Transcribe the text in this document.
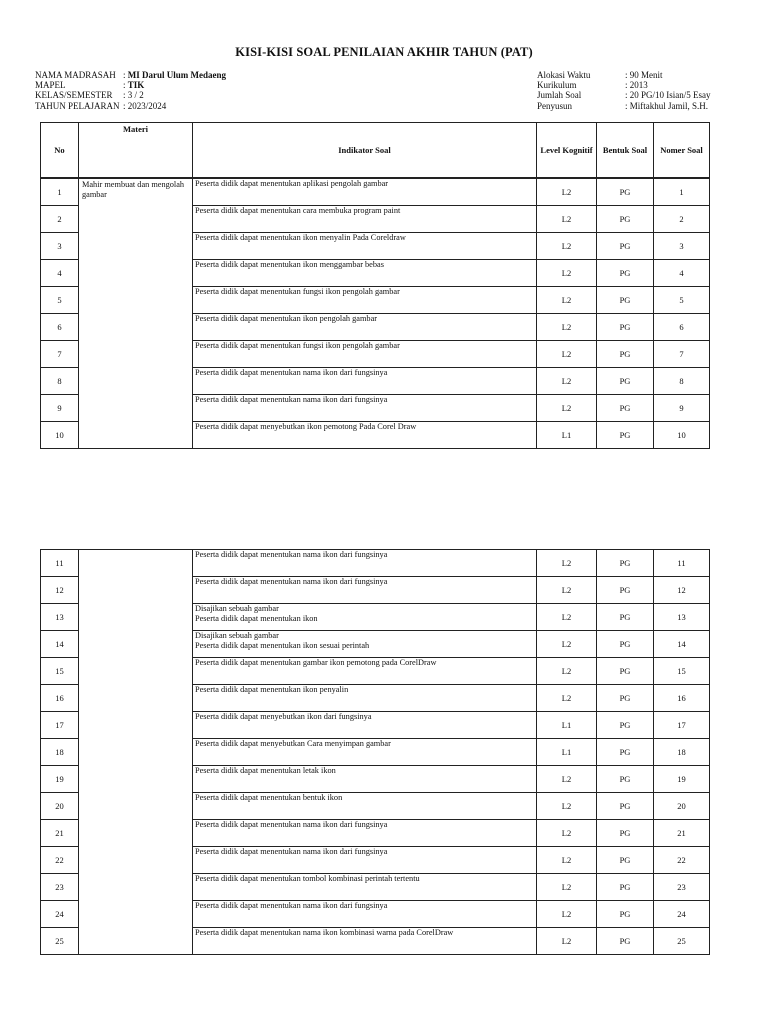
KISI-KISI SOAL PENILAIAN AKHIR TAHUN (PAT)
NAMA MADRASAH : MI Darul Ulum Medaeng
MAPEL	: TIK
KELAS/SEMESTER	: 3 / 2
TAHUN PELAJARAN : 2023/2024
Alokasi Waktu	: 90 Menit
Kurikulum	: 2013
Jumlah Soal	: 20 PG/10 Isian/5 Esay
Penyusun	: Miftakhul Jamil, S.H.
No	Materi	Indikator Soal	Level Kognitif	Bentuk Soal	Nomer Soal
1	Mahir membuat dan mengolah gambar	Peserta didik dapat menentukan aplikasi pengolah gambar	L2	PG	1
2		Peserta didik dapat menentukan cara membuka program paint	L2	PG	2
3		Peserta didik dapat menentukan ikon menyalin Pada Coreldraw	L2	PG	3
4		Peserta didik dapat menentukan ikon menggambar bebas	L2	PG	4
5		Peserta didik dapat menentukan fungsi ikon pengolah gambar	L2	PG	5
6		Peserta didik dapat menentukan ikon pengolah gambar	L2	PG	6
7		Peserta didik dapat menentukan fungsi ikon pengolah gambar	L2	PG	7
8		Peserta didik dapat menentukan nama ikon dari fungsinya	L2	PG	8
9		Peserta didik dapat menentukan nama ikon dari fungsinya	L2	PG	9
10		Peserta didik dapat menyebutkan ikon pemotong Pada Corel Draw	L1	PG	10
11		Peserta didik dapat menentukan nama ikon dari fungsinya	L2	PG	11
12		Peserta didik dapat menentukan nama ikon dari fungsinya	L2	PG	12
13		Disajikan sebuah gambar
Peserta didik dapat menentukan ikon	L2	PG	13
14		Disajikan sebuah gambar
Peserta didik dapat menentukan ikon sesuai perintah	L2	PG	14
15		Peserta didik dapat menentukan gambar ikon pemotong pada CorelDraw	L2	PG	15
16		Peserta didik dapat menentukan ikon penyalin	L2	PG	16
17		Peserta didik dapat menyebutkan ikon dari fungsinya	L1	PG	17
18		Peserta didik dapat menyebutkan Cara menyimpan gambar	L1	PG	18
19		Peserta didik dapat menentukan letak ikon	L2	PG	19
20		Peserta didik dapat menentukan bentuk ikon	L2	PG	20
21		Peserta didik dapat menentukan nama ikon dari fungsinya	L2	PG	21
22		Peserta didik dapat menentukan nama ikon dari fungsinya	L2	PG	22
23		Peserta didik dapat menentukan tombol kombinasi perintah tertentu	L2	PG	23
24		Peserta didik dapat menentukan nama ikon dari fungsinya	L2	PG	24
25		Peserta didik dapat menentukan nama ikon kombinasi warna pada CorelDraw	L2	PG	25
